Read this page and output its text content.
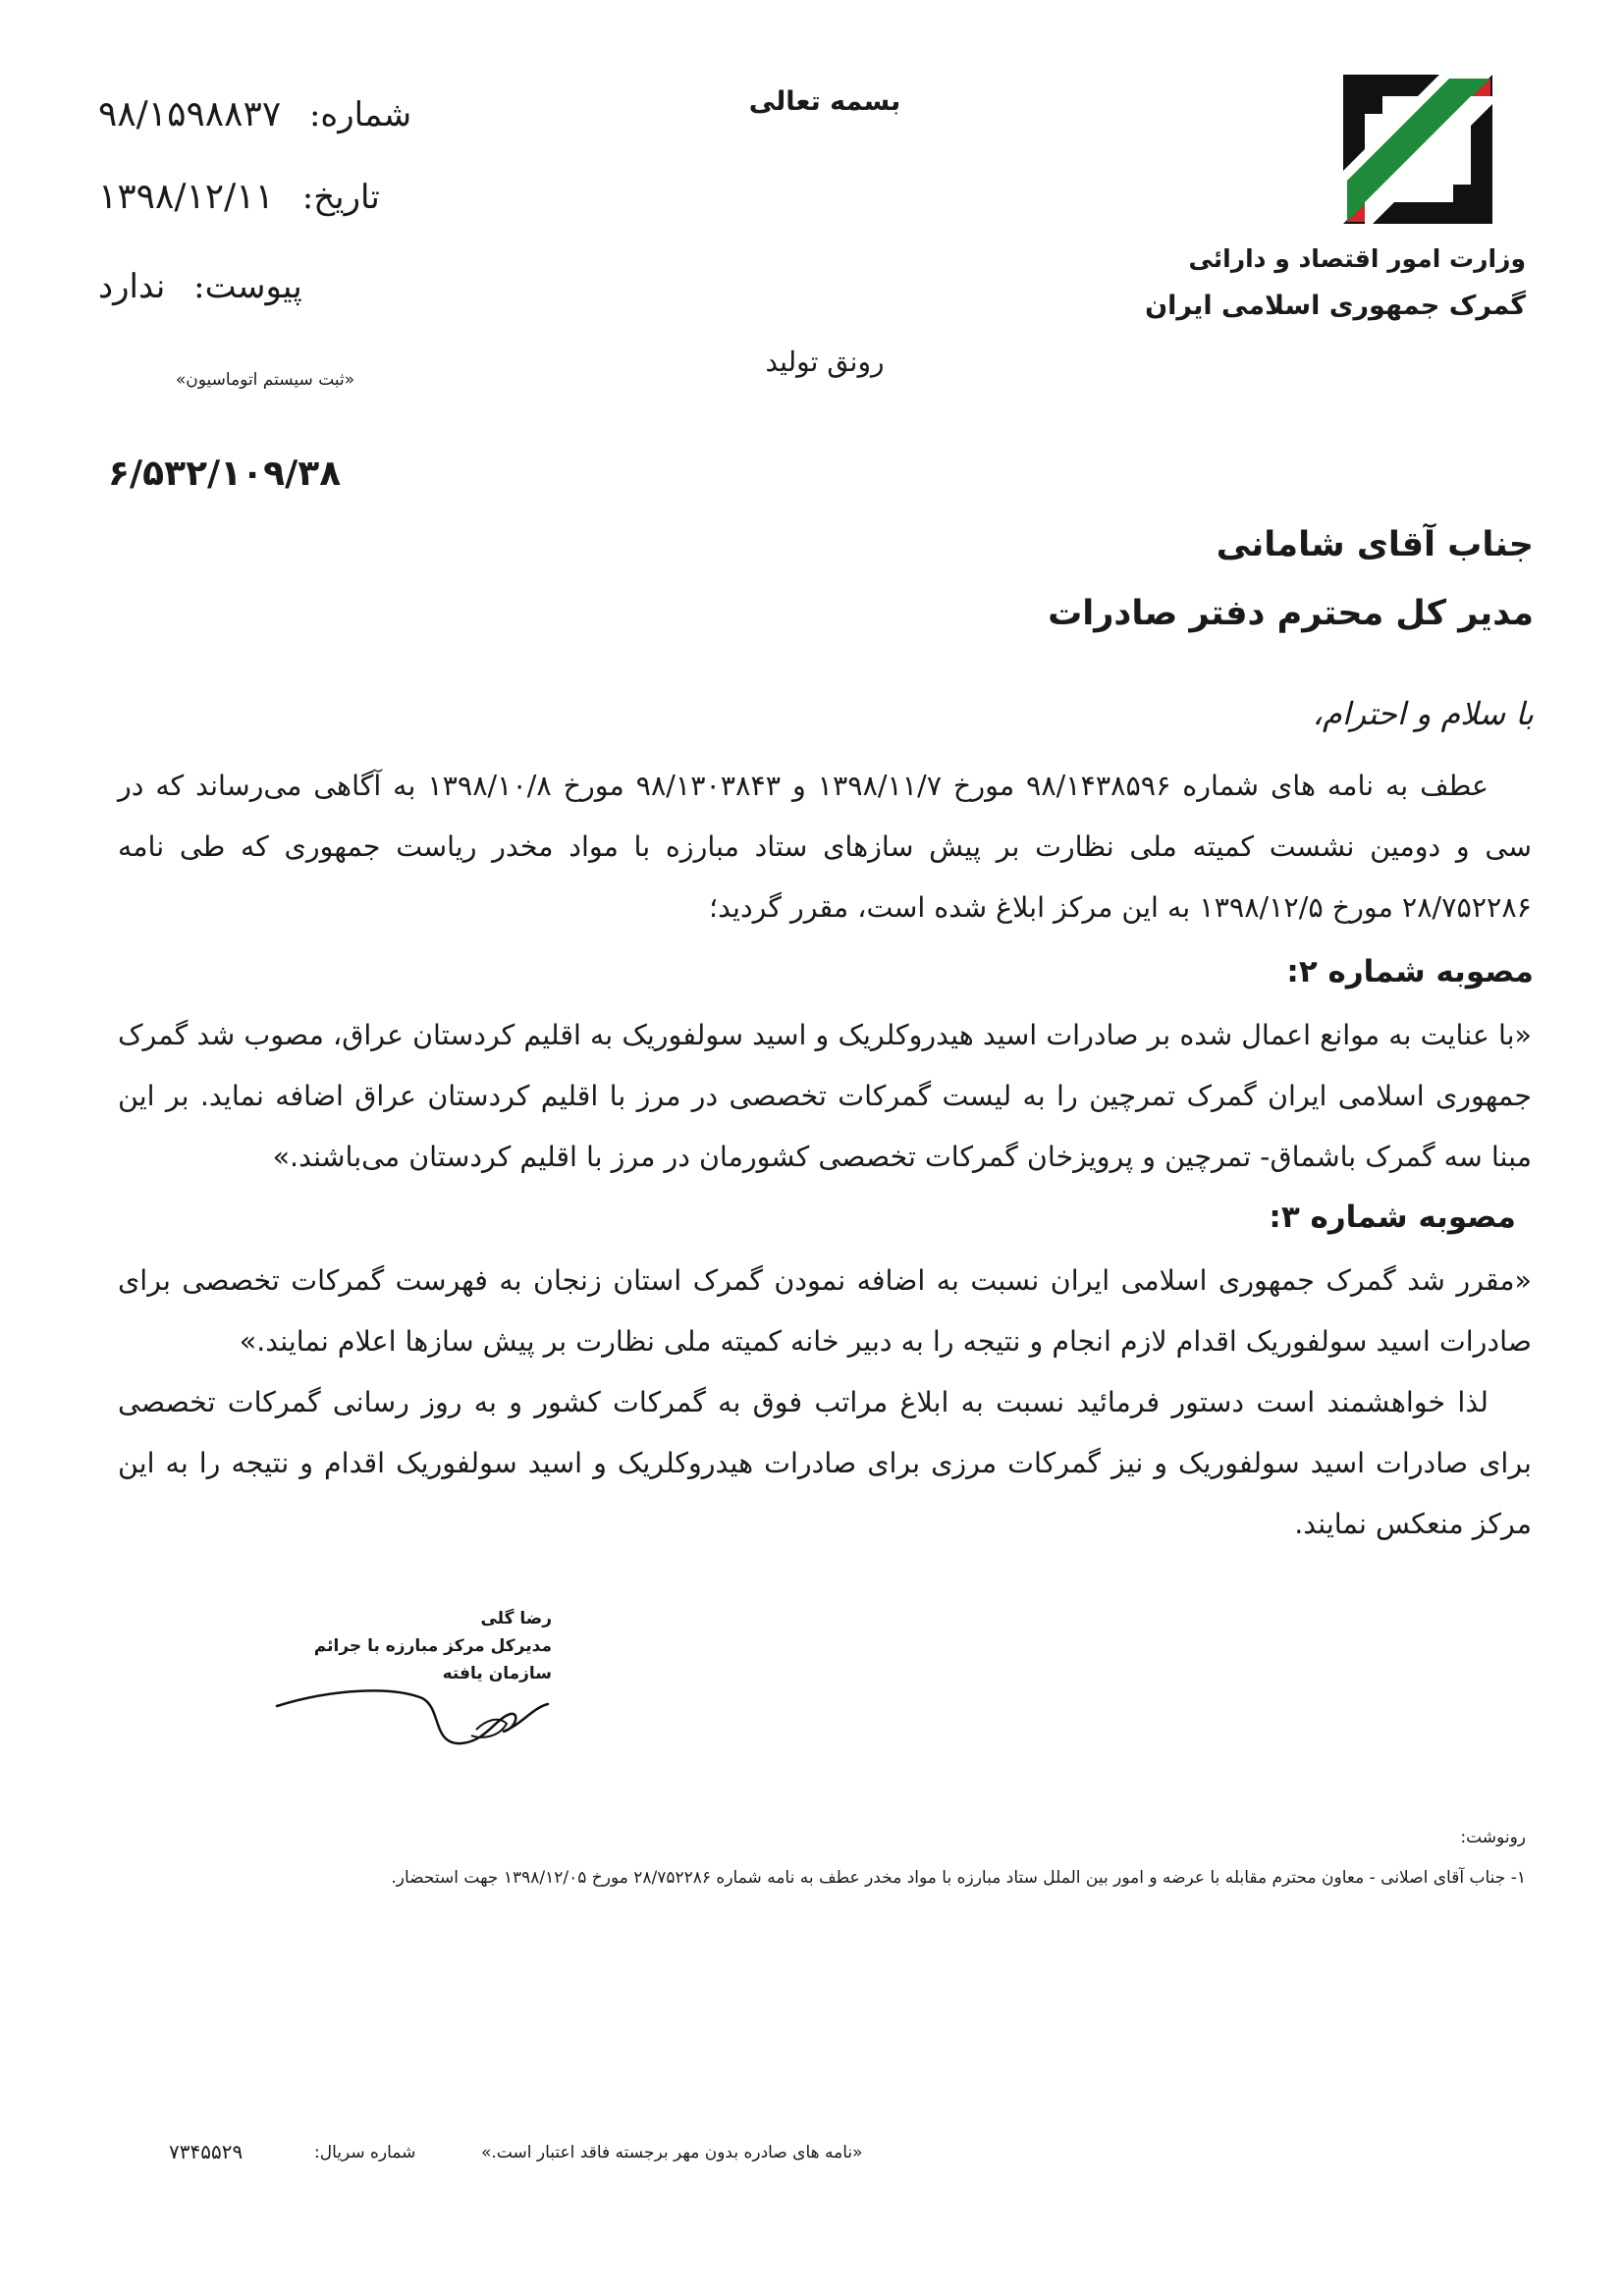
وزارت امور اقتصاد و دارائی
گمرک جمهوری اسلامی ایران
بسمه تعالی
شماره: ۹۸/۱۵۹۸۸۳۷
تاریخ: ۱۳۹۸/۱۲/۱۱
پیوست: ندارد
«ثبت سیستم اتوماسیون»
رونق تولید
۶/۵۳۲/۱۰۹/۳۸
جناب آقای شامانی
مدیر کل محترم دفتر صادرات
با سلام و احترام،

عطف به نامه های شماره ۹۸/۱۴۳۸۵۹۶ مورخ ۱۳۹۸/۱۱/۷ و ۹۸/۱۳۰۳۸۴۳ مورخ ۱۳۹۸/۱۰/۸ به آگاهی می‌رساند که در سی و دومین نشست کمیته ملی نظارت بر پیش سازهای ستاد مبارزه با مواد مخدر ریاست جمهوری که طی نامه ۲۸/۷۵۲۲۸۶ مورخ ۱۳۹۸/۱۲/۵ به این مرکز ابلاغ شده است، مقرر گردید؛

مصوبه شماره ۲:

«با عنایت به موانع اعمال شده بر صادرات اسید هیدروکلریک و اسید سولفوریک به اقلیم کردستان عراق، مصوب شد گمرک جمهوری اسلامی ایران گمرک تمرچین را به لیست گمرکات تخصصی در مرز با اقلیم کردستان عراق اضافه نماید. بر این مبنا سه گمرک باشماق- تمرچین و پرویزخان گمرکات تخصصی کشورمان در مرز با اقلیم کردستان می‌باشند.»

مصوبه شماره ۳:

«مقرر شد گمرک جمهوری اسلامی ایران نسبت به اضافه نمودن گمرک استان زنجان به فهرست گمرکات تخصصی برای صادرات اسید سولفوریک اقدام لازم انجام و نتیجه را به دبیر خانه کمیته ملی نظارت بر پیش سازها اعلام نمایند.»

لذا خواهشمند است دستور فرمائید نسبت به ابلاغ مراتب فوق به گمرکات کشور و به روز رسانی گمرکات تخصصی برای صادرات اسید سولفوریک و نیز گمرکات مرزی برای صادرات هیدروکلریک و اسید سولفوریک اقدام و نتیجه را به این مرکز منعکس نمایند.

رضا گلی
مدیرکل مرکز مبارزه با جرائم سازمان یافته
رونوشت:
۱- جناب آقای اصلانی - معاون محترم مقابله با عرضه و امور بین الملل ستاد مبارزه با مواد مخدر عطف به نامه شماره ۲۸/۷۵۲۲۸۶ مورخ ۱۳۹۸/۱۲/۰۵ جهت استحضار.
«نامه های صادره بدون مهر برجسته فاقد اعتبار است.»
شماره سریال:
۷۳۴۵۵۲۹
